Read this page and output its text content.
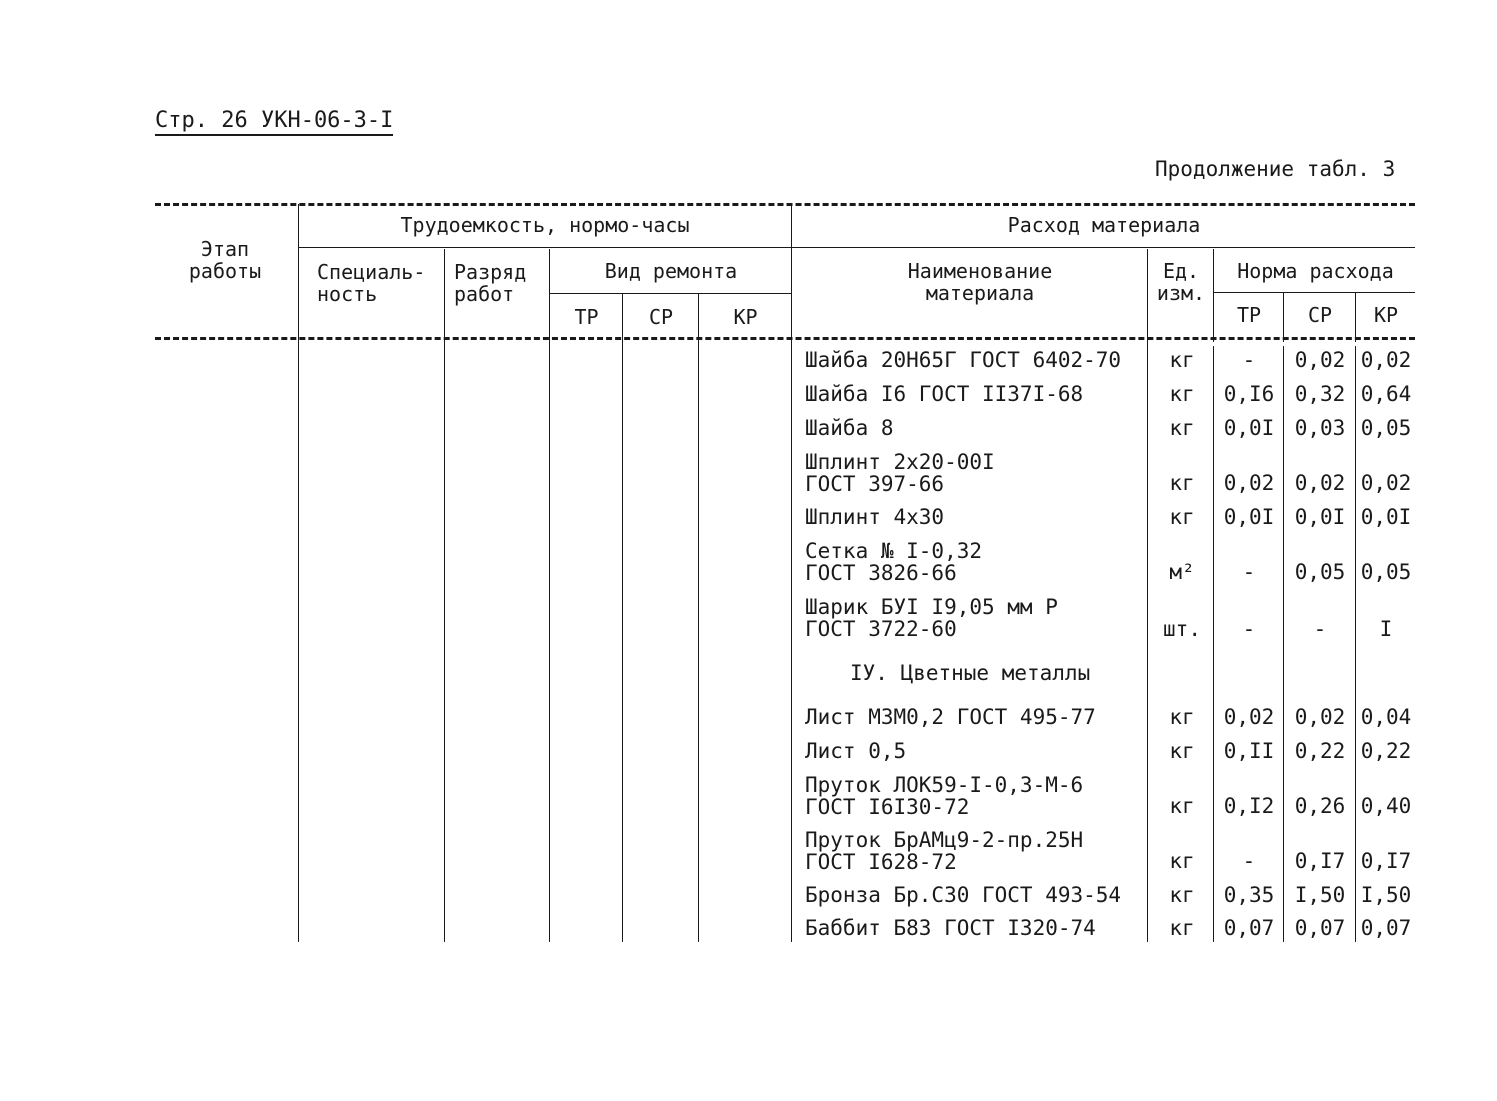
Стр. 26 УКН-06-3-I
Продолжение табл. 3
Этап работы
Трудоемкость, нормо-часы
Специаль-ность
Разряд работ
Вид ремонта
ТР	СР	КР
Расход материала
Наименование материала
Ед. изм.
Норма расхода
ТР	СР	КР
Шайба 20Н65Г ГОСТ 6402-70	кг	-	0,02 0,02
Шайба I6 ГОСТ II37I-68	кг	0,I6 0,32 0,64
Шайба 8	кг	0,0I 0,03 0,05
Шплинт 2х20-00I
ГОСТ 397-66	кг	0,02 0,02 0,02
Шплинт 4х30	кг	0,0I 0,0I 0,0I
Сетка № I-0,32
ГОСТ 3826-66	м²	-	0,05 0,05
Шарик БУI I9,05 мм Р
ГОСТ 3722-60	шт.	-	-	I
IУ. Цветные металлы
Лист М3М0,2 ГОСТ 495-77	кг	0,02 0,02 0,04
Лист 0,5	кг	0,II 0,22 0,22
Пруток ЛОК59-I-0,3-М-6
ГОСТ I6I30-72	кг	0,I2 0,26 0,40
Пруток БрАМц9-2-пр.25Н
ГОСТ I628-72	кг	-	0,I7 0,I7
Бронза Бр.С30 ГОСТ 493-54	кг	0,35 I,50 I,50
Баббит Б83 ГОСТ I320-74	кг	0,07 0,07 0,07
